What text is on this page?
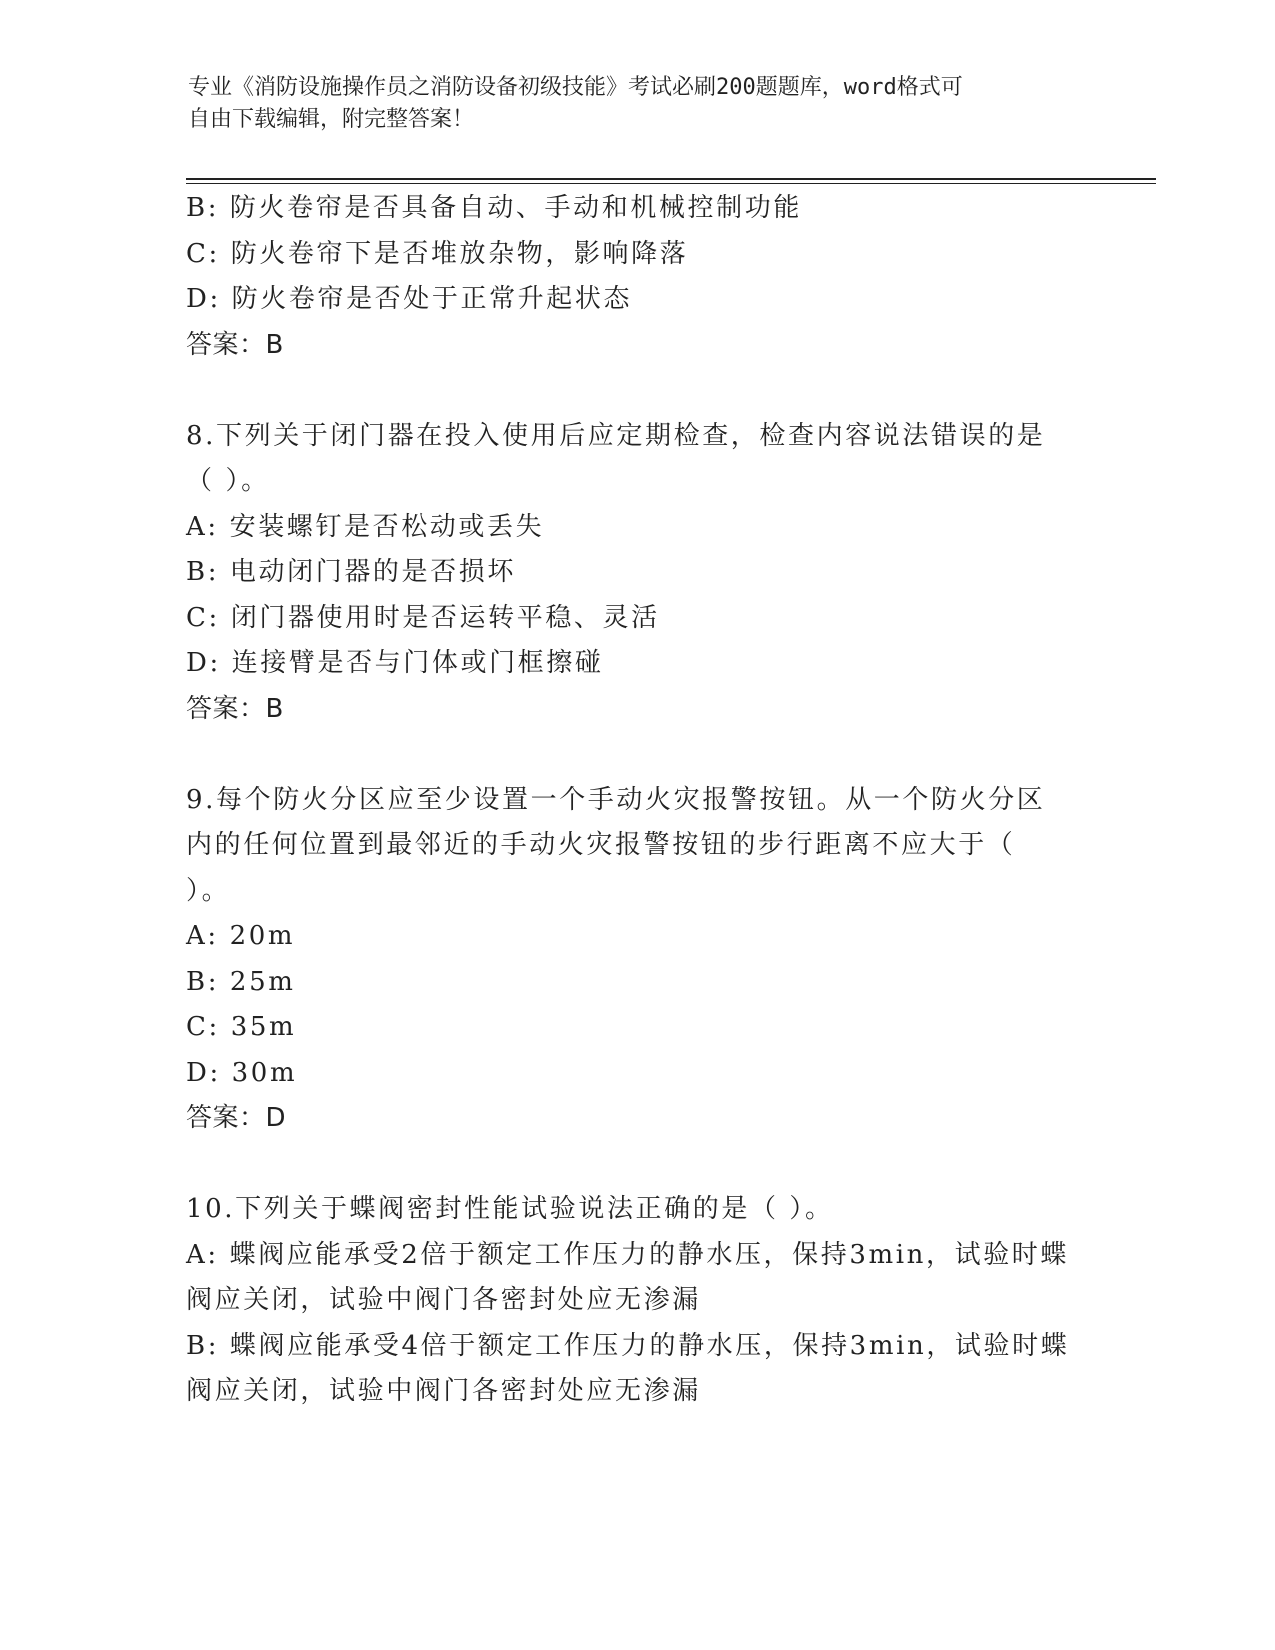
专业《消防设施操作员之消防设备初级技能》考试必刷200题题库，word格式可

自由下载编辑，附完整答案！

B: 防火卷帘是否具备自动、手动和机械控制功能
C: 防火卷帘下是否堆放杂物，影响降落
D: 防火卷帘是否处于正常升起状态
答案：B
8.下列关于闭门器在投入使用后应定期检查，检查内容说法错误的是
（ ）。
A: 安装螺钉是否松动或丢失
B: 电动闭门器的是否损坏
C: 闭门器使用时是否运转平稳、灵活
D: 连接臂是否与门体或门框擦碰
答案：B
9.每个防火分区应至少设置一个手动火灾报警按钮。从一个防火分区
内的任何位置到最邻近的手动火灾报警按钮的步行距离不应大于（
）。
A: 20m
B: 25m
C: 35m
D: 30m
答案：D
10.下列关于蝶阀密封性能试验说法正确的是（ ）。
A: 蝶阀应能承受2倍于额定工作压力的静水压，保持3min，试验时蝶
阀应关闭，试验中阀门各密封处应无渗漏
B: 蝶阀应能承受4倍于额定工作压力的静水压，保持3min，试验时蝶
阀应关闭，试验中阀门各密封处应无渗漏
